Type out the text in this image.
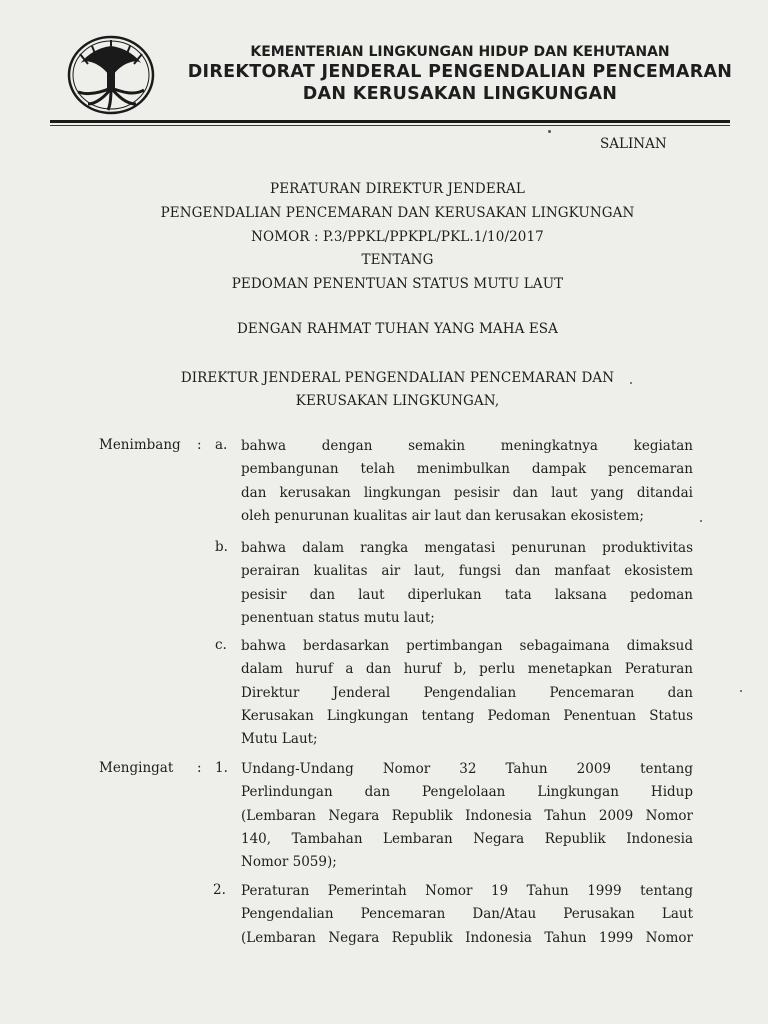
KEMENTERIAN LINGKUNGAN HIDUP DAN KEHUTANAN
DIREKTORAT JENDERAL PENGENDALIAN PENCEMARAN
DAN KERUSAKAN LINGKUNGAN
SALINAN
PERATURAN DIREKTUR JENDERAL
PENGENDALIAN PENCEMARAN DAN KERUSAKAN LINGKUNGAN
NOMOR : P.3/PPKL/PPKPL/PKL.1/10/2017
TENTANG
PEDOMAN PENENTUAN STATUS MUTU LAUT
DENGAN RAHMAT TUHAN YANG MAHA ESA
DIREKTUR JENDERAL PENGENDALIAN PENCEMARAN DAN
KERUSAKAN LINGKUNGAN,
Menimbang : a. bahwa dengan semakin meningkatnya kegiatan
pembangunan telah menimbulkan dampak pencemaran
dan kerusakan lingkungan pesisir dan laut yang ditandai
oleh penurunan kualitas air laut dan kerusakan ekosistem;
b. bahwa dalam rangka mengatasi penurunan produktivitas
perairan kualitas air laut, fungsi dan manfaat ekosistem
pesisir dan laut diperlukan tata laksana pedoman
penentuan status mutu laut;
c. bahwa berdasarkan pertimbangan sebagaimana dimaksud
dalam huruf a dan huruf b, perlu menetapkan Peraturan
Direktur Jenderal Pengendalian Pencemaran dan
Kerusakan Lingkungan tentang Pedoman Penentuan Status
Mutu Laut;
Mengingat : 1. Undang-Undang Nomor 32 Tahun 2009 tentang
Perlindungan dan Pengelolaan Lingkungan Hidup
(Lembaran Negara Republik Indonesia Tahun 2009 Nomor
140, Tambahan Lembaran Negara Republik Indonesia
Nomor 5059);
2. Peraturan Pemerintah Nomor 19 Tahun 1999 tentang
Pengendalian Pencemaran Dan/Atau Perusakan Laut
(Lembaran Negara Republik Indonesia Tahun 1999 Nomor
